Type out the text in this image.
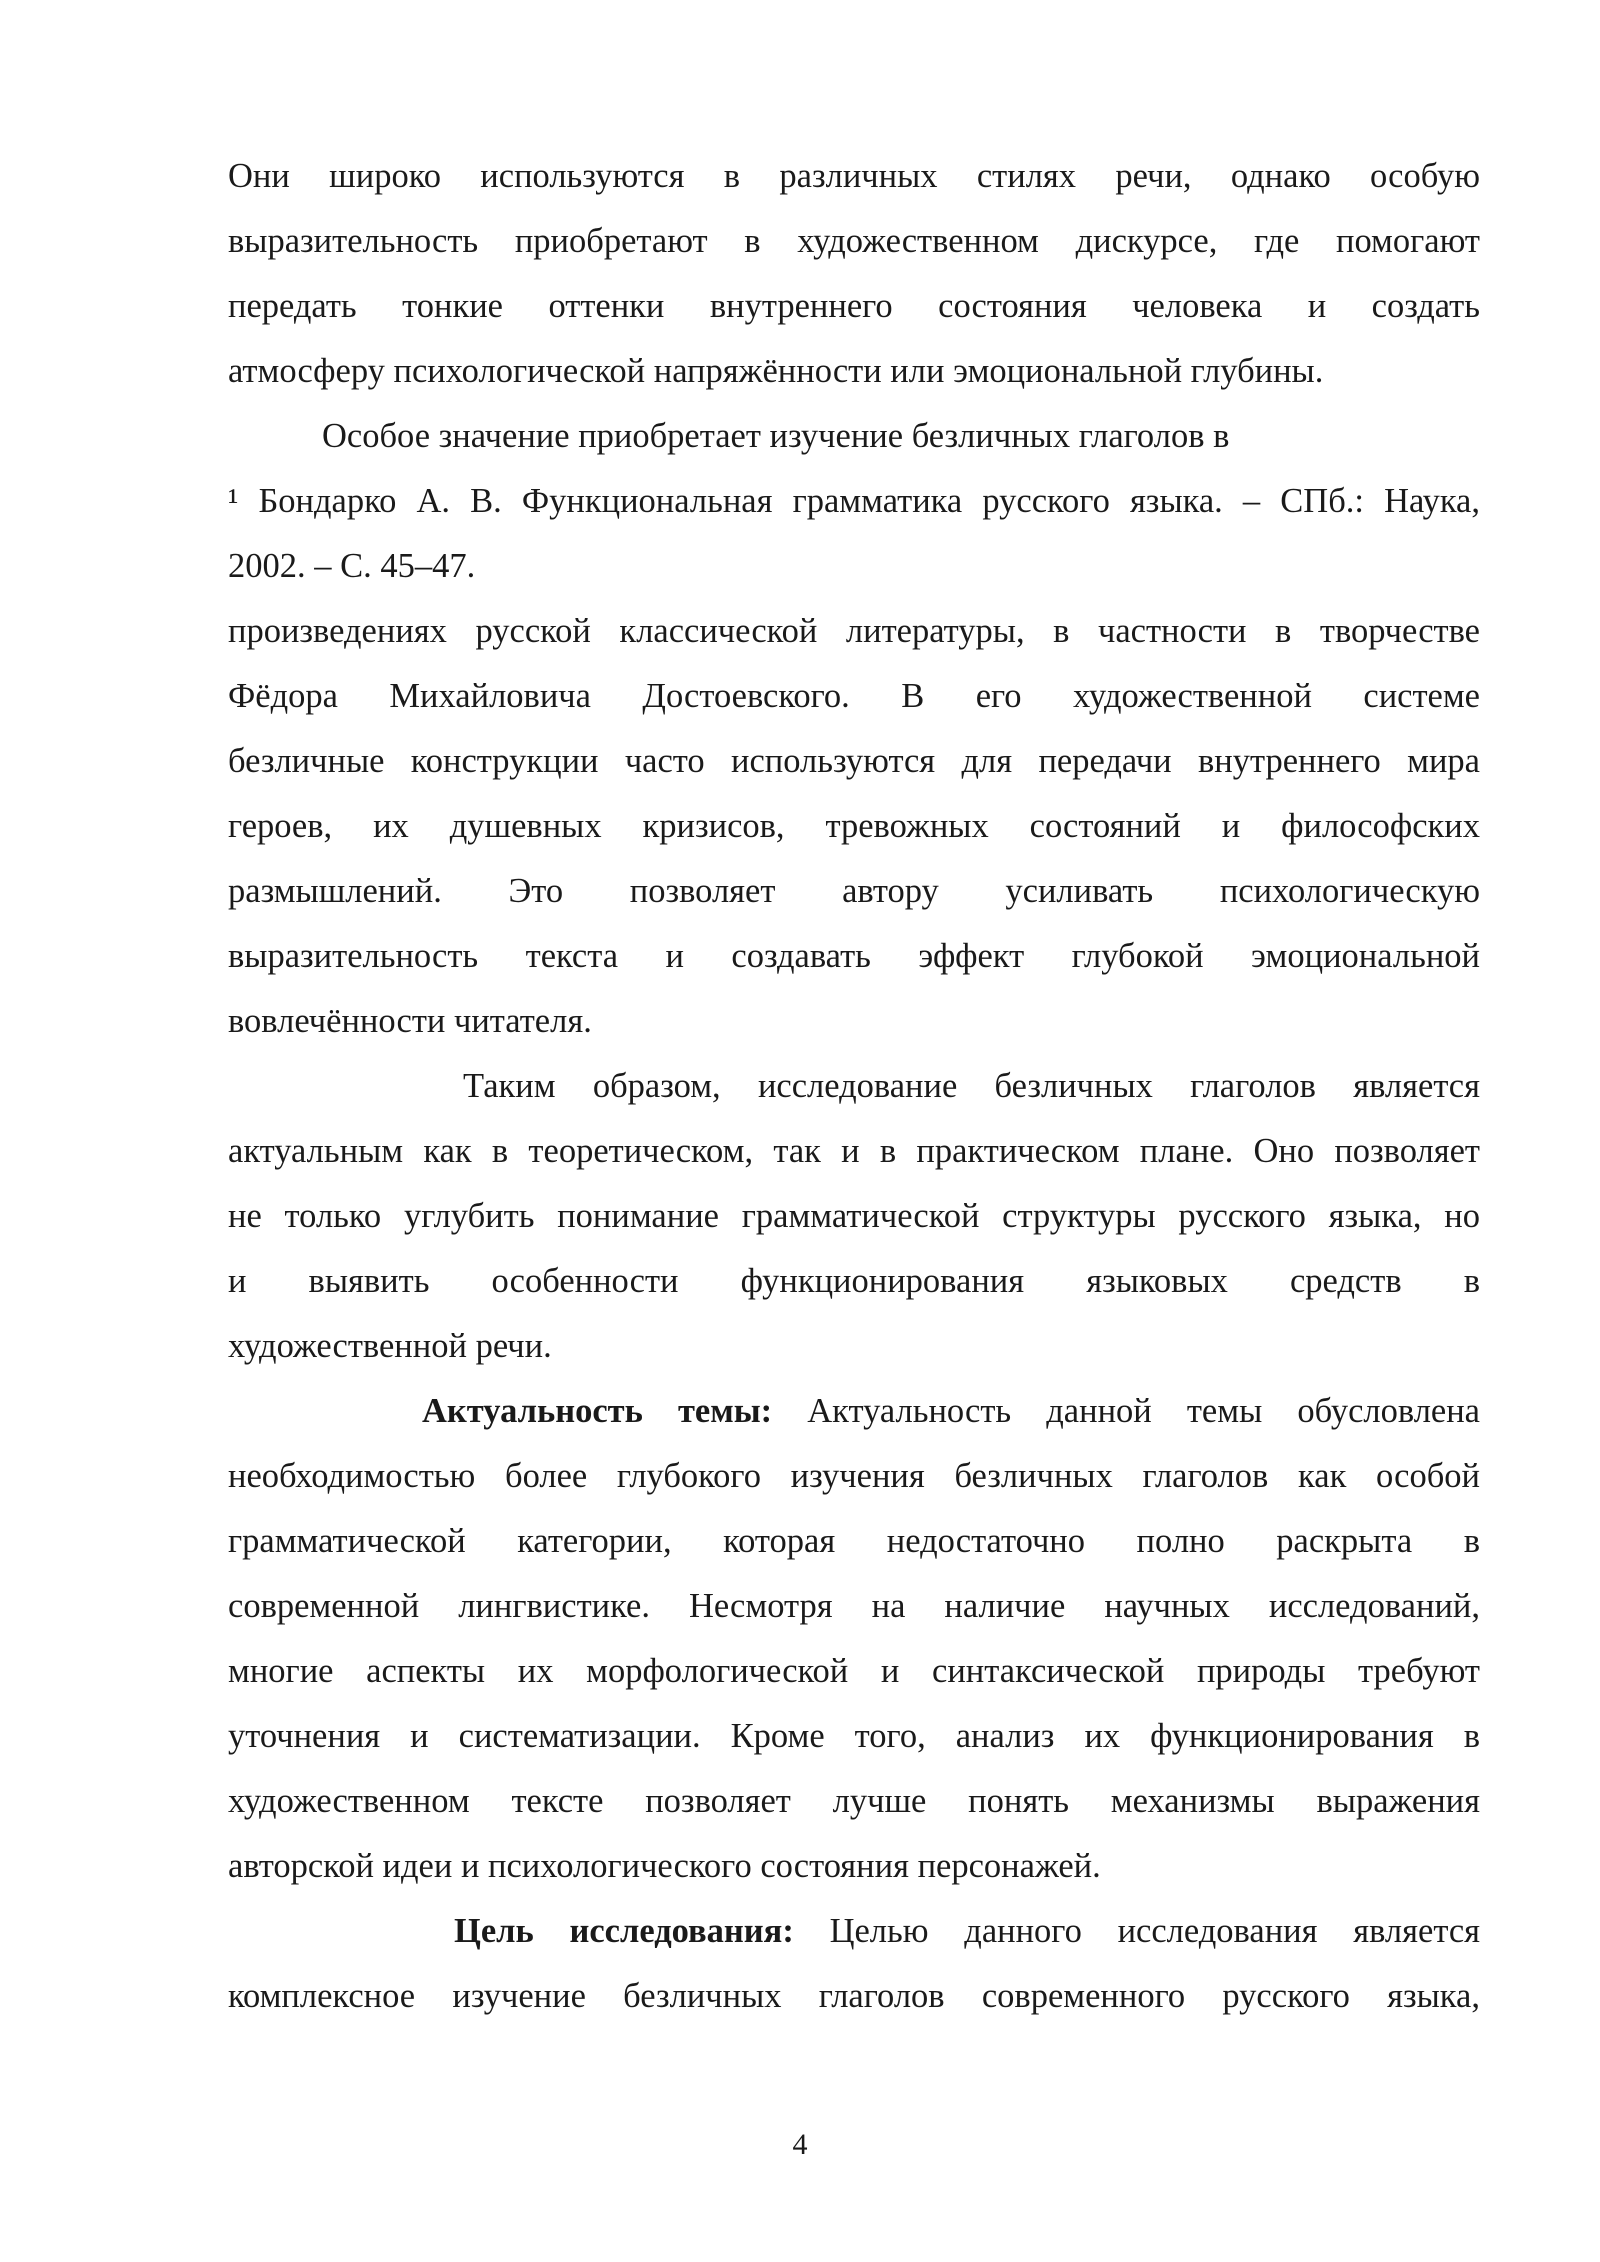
Они широко используются в различных стилях речи, однако особую
выразительность приобретают в художественном дискурсе, где помогают
передать тонкие оттенки внутреннего состояния человека и создать
атмосферу психологической напряжённости или эмоциональной глубины.
Особое значение приобретает изучение безличных глаголов в
¹ Бондарко А. В. Функциональная грамматика русского языка. – СПб.: Наука,
2002. – С. 45–47.
произведениях русской классической литературы, в частности в творчестве
Фёдора Михайловича Достоевского. В его художественной системе
безличные конструкции часто используются для передачи внутреннего мира
героев, их душевных кризисов, тревожных состояний и философских
размышлений. Это позволяет автору усиливать психологическую
выразительность текста и создавать эффект глубокой эмоциональной
вовлечённости читателя.
Таким образом, исследование безличных глаголов является
актуальным как в теоретическом, так и в практическом плане. Оно позволяет
не только углубить понимание грамматической структуры русского языка, но
и выявить особенности функционирования языковых средств в
художественной речи.
Актуальность темы: Актуальность данной темы обусловлена
необходимостью более глубокого изучения безличных глаголов как особой
грамматической категории, которая недостаточно полно раскрыта в
современной лингвистике. Несмотря на наличие научных исследований,
многие аспекты их морфологической и синтаксической природы требуют
уточнения и систематизации. Кроме того, анализ их функционирования в
художественном тексте позволяет лучше понять механизмы выражения
авторской идеи и психологического состояния персонажей.
Цель исследования: Целью данного исследования является
комплексное изучение безличных глаголов современного русского языка,
4
